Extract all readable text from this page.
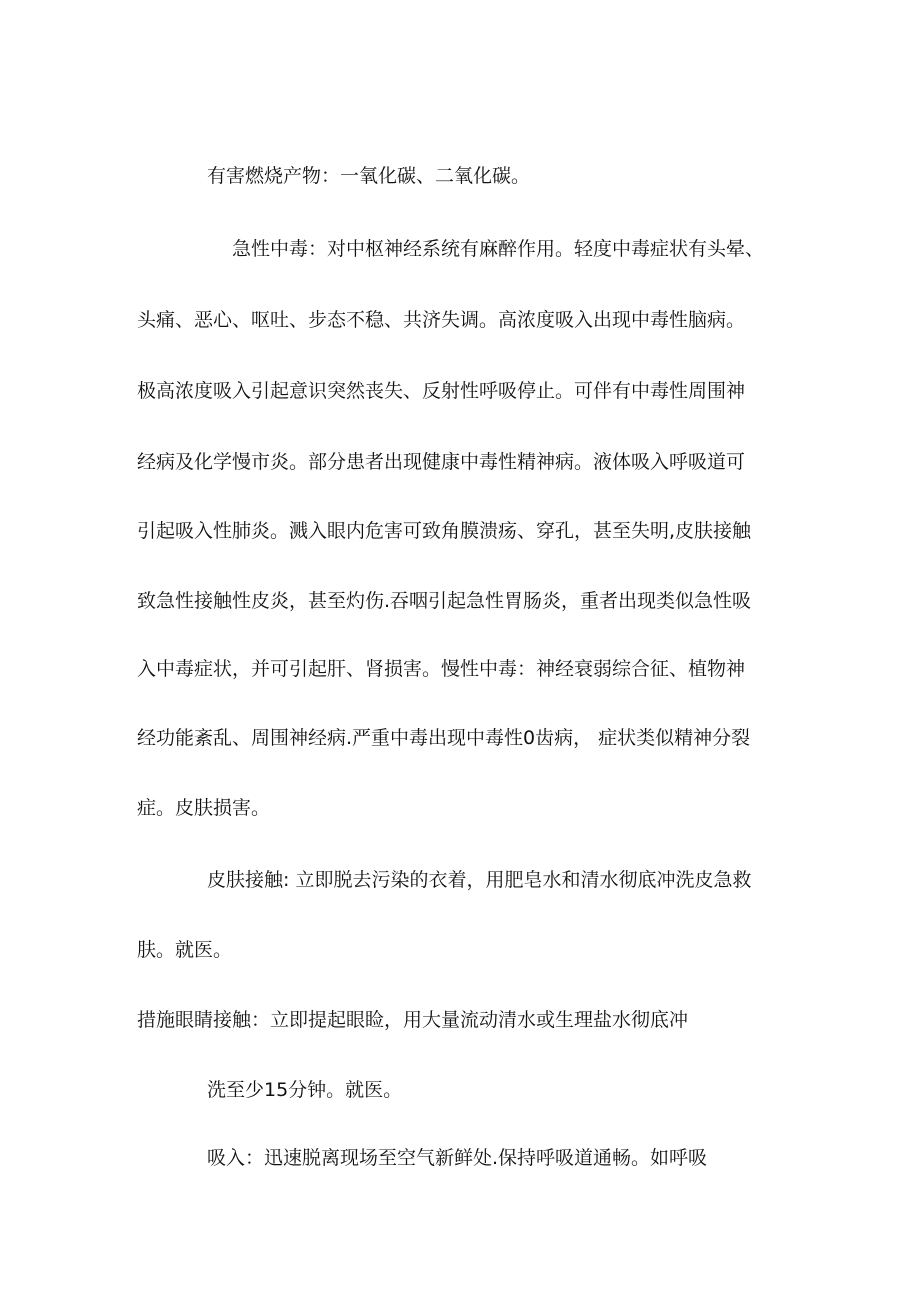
有害燃烧产物：一氧化碳、二氧化碳。
急性中毒：对中枢神经系统有麻醉作用。轻度中毒症状有头晕、
头痛、恶心、呕吐、步态不稳、共济失调。高浓度吸入出现中毒性脑病。
极高浓度吸入引起意识突然丧失、反射性呼吸停止。可伴有中毒性周围神
经病及化学慢市炎。部分患者出现健康中毒性精神病。液体吸入呼吸道可
引起吸入性肺炎。溅入眼内危害可致角膜溃疡、穿孔，甚至失明,皮肤接触
致急性接触性皮炎，甚至灼伤.吞咽引起急性胃肠炎，重者出现类似急性吸
入中毒症状，并可引起肝、肾损害。慢性中毒：神经衰弱综合征、植物神
经功能紊乱、周围神经病.严重中毒出现中毒性0齿病， 症状类似精神分裂
症。皮肤损害。
皮肤接触: 立即脱去污染的衣着，用肥皂水和清水彻底冲洗皮急救
肤。就医。
措施眼睛接触：立即提起眼睑，用大量流动清水或生理盐水彻底冲
洗至少15分钟。就医。
吸入：迅速脱离现场至空气新鲜处.保持呼吸道通畅。如呼吸
